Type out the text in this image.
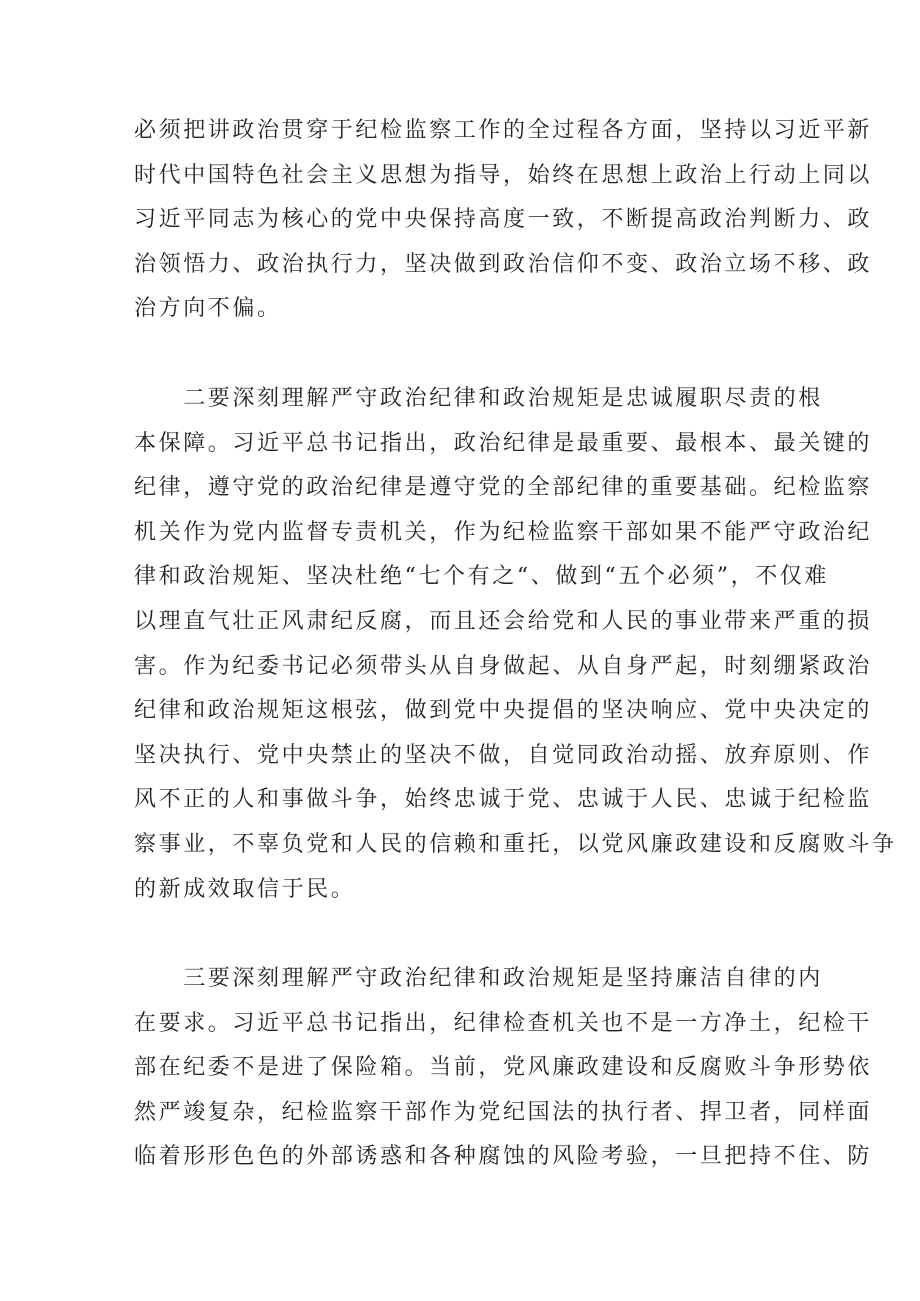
必须把讲政治贯穿于纪检监察工作的全过程各方面，坚持以习近平新
时代中国特色社会主义思想为指导，始终在思想上政治上行动上同以
习近平同志为核心的党中央保持高度一致，不断提高政治判断力、政
治领悟力、政治执行力，坚决做到政治信仰不变、政治立场不移、政
治方向不偏。

　　二要深刻理解严守政治纪律和政治规矩是忠诚履职尽责的根
本保障。习近平总书记指出，政治纪律是最重要、最根本、最关键的
纪律，遵守党的政治纪律是遵守党的全部纪律的重要基础。纪检监察
机关作为党内监督专责机关，作为纪检监察干部如果不能严守政治纪
律和政治规矩、坚决杜绝“七个有之“、做到“五个必须”，不仅难
以理直气壮正风肃纪反腐，而且还会给党和人民的事业带来严重的损
害。作为纪委书记必须带头从自身做起、从自身严起，时刻绷紧政治
纪律和政治规矩这根弦，做到党中央提倡的坚决响应、党中央决定的
坚决执行、党中央禁止的坚决不做，自觉同政治动摇、放弃原则、作
风不正的人和事做斗争，始终忠诚于党、忠诚于人民、忠诚于纪检监
察事业，不辜负党和人民的信赖和重托，以党风廉政建设和反腐败斗争
的新成效取信于民。

　　三要深刻理解严守政治纪律和政治规矩是坚持廉洁自律的内
在要求。习近平总书记指出，纪律检查机关也不是一方净土，纪检干
部在纪委不是进了保险箱。当前，党风廉政建设和反腐败斗争形势依
然严竣复杂，纪检监察干部作为党纪国法的执行者、捍卫者，同样面
临着形形色色的外部诱惑和各种腐蚀的风险考验，一旦把持不住、防
